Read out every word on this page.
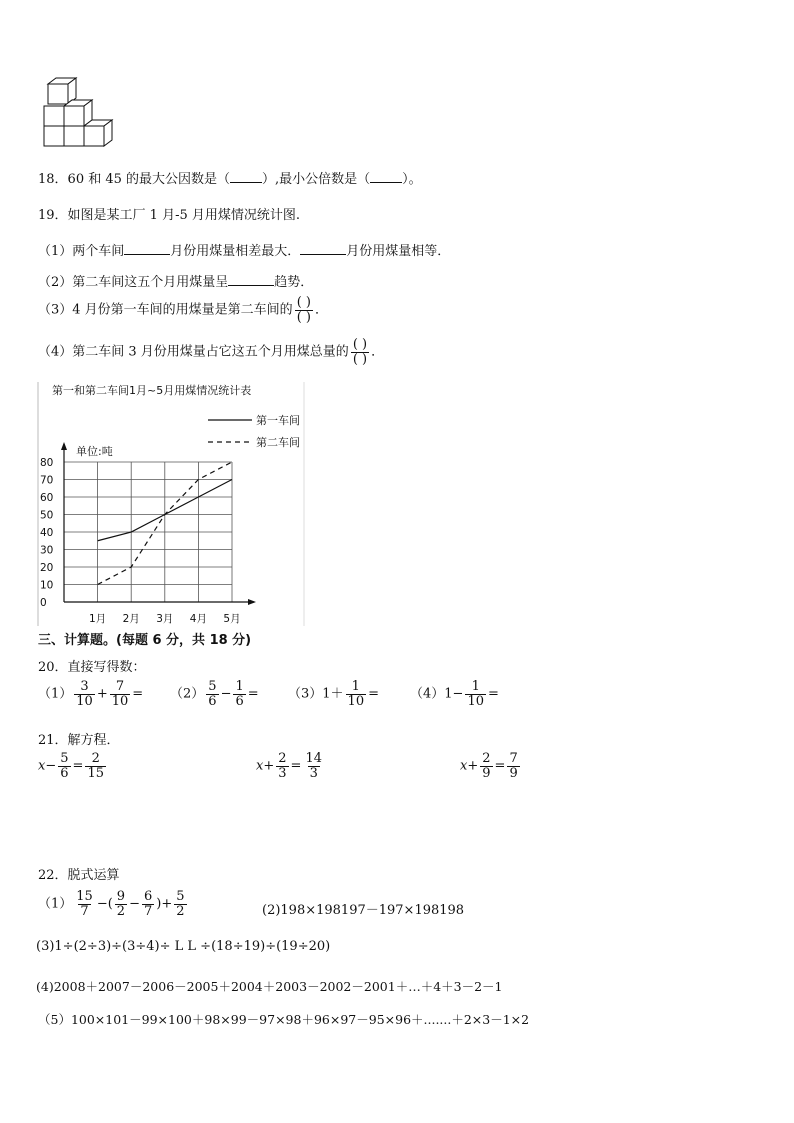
18．60 和 45 的最大公因数是（ ）,最小公倍数是（ ）。
19．如图是某工厂 1 月-5 月用煤情况统计图.
（1）两个车间	月份用煤量相差最大．	月份用煤量相等．
（2）第二车间这五个月用煤量呈	趋势．
（3）4 月份第一车间的用煤量是第二车间的 $\frac{( )}{( )}$ ．
（4）第二车间 3 月份用煤量占它这五个月用煤总量的 $\frac{( )}{( )}$ ．
第一和第二车间1月~5月用煤情况统计表
单位:吨
第一车间
第二车间
0
10
20
30
40
50
60
70
80
1月 2月 3月 4月 5月
三、计算题。(每题 6 分，共 18 分)
20．直接写得数：
$(1) \frac{3}{10} + \frac{7}{10} = (2) \frac{5}{6} - \frac{1}{6} = (3)1+ \frac{1}{10} = (4)1- \frac{1}{10}$ =
21．解方程．
$x- \frac{5}{6} = \frac{2}{15}$	$x+ \frac{2}{3} = \frac{14}{3}$	$x+ \frac{2}{9} = \frac{7}{9}$
22．脱式运算
$(1) \frac{15}{7}$ −( $\frac{9}{2} - \frac{6}{7}$ )+ $\frac{5}{2}$	(2)198×198197－197×198198
(3)1÷(2÷3)÷(3÷4)÷ L L ÷(18÷19)÷(19÷20)
(4)2008＋2007－2006－2005＋2004＋2003－2002－2001＋…＋4＋3－2－1
（5）100×101－99×100＋98×99－97×98＋96×97－95×96＋.......＋2×3－1×2
